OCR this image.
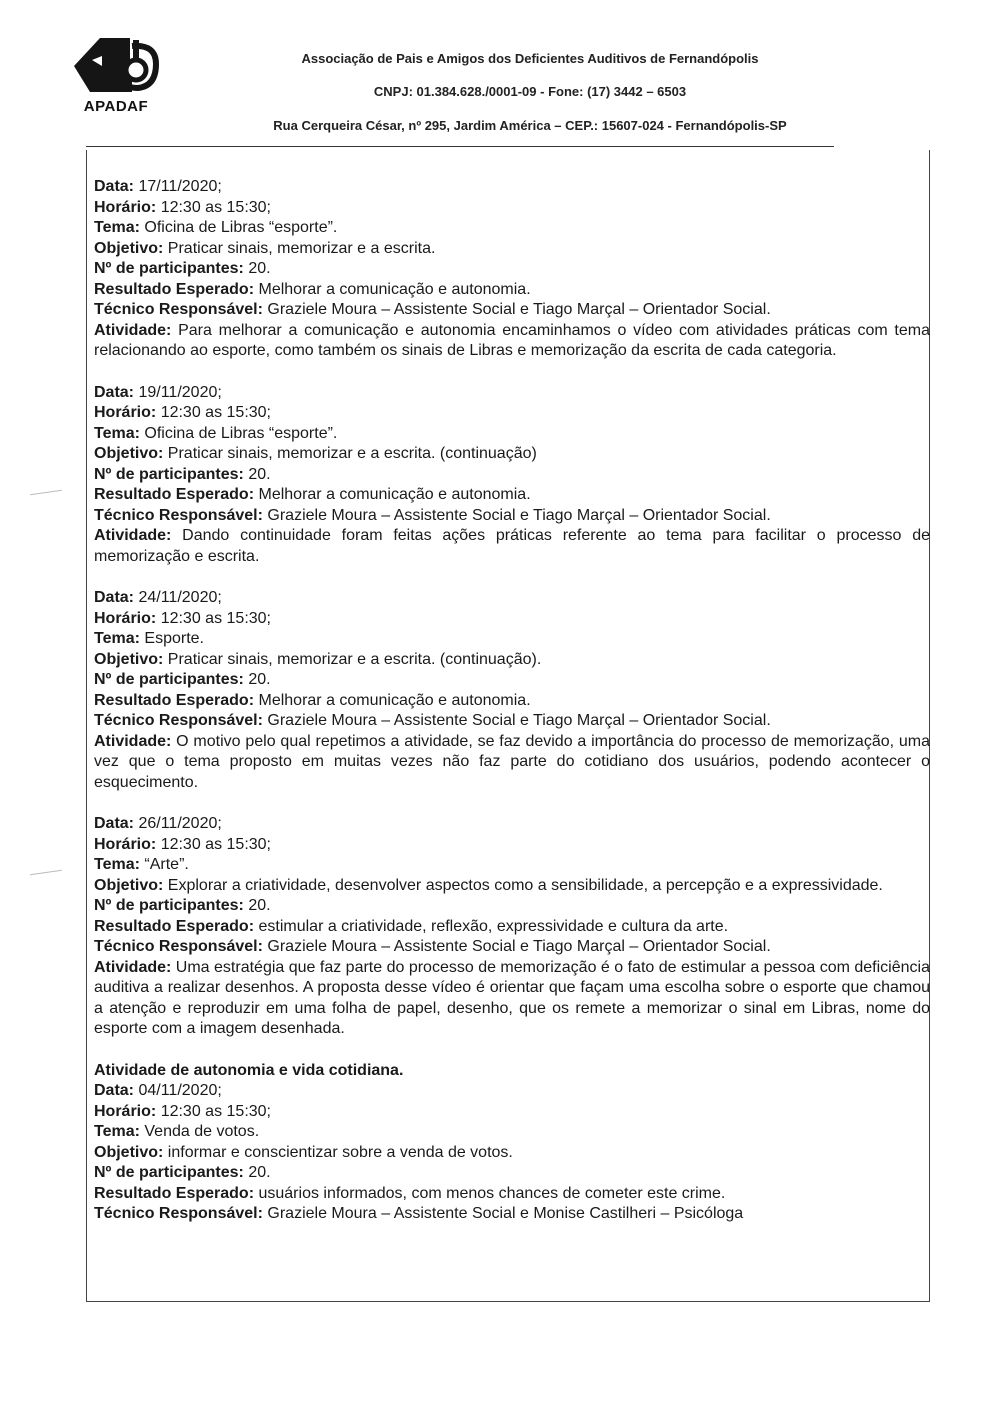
APADAF
Associação de Pais e Amigos dos Deficientes Auditivos de Fernandópolis
CNPJ: 01.384.628./0001-09 - Fone: (17) 3442 – 6503
Rua Cerqueira César, nº 295, Jardim América – CEP.: 15607-024 - Fernandópolis-SP
Data: 17/11/2020;
Horário: 12:30 as 15:30;
Tema: Oficina de Libras “esporte”.
Objetivo: Praticar sinais, memorizar e a escrita.
Nº de participantes: 20.
Resultado Esperado: Melhorar a comunicação e autonomia.
Técnico Responsável: Graziele Moura – Assistente Social e Tiago Marçal – Orientador Social.
Atividade: Para melhorar a comunicação e autonomia encaminhamos o vídeo com atividades práticas com tema relacionando ao esporte, como também os sinais de Libras e memorização da escrita de cada categoria.
Data: 19/11/2020;
Horário: 12:30 as 15:30;
Tema: Oficina de Libras “esporte”.
Objetivo: Praticar sinais, memorizar e a escrita. (continuação)
Nº de participantes: 20.
Resultado Esperado: Melhorar a comunicação e autonomia.
Técnico Responsável: Graziele Moura – Assistente Social e Tiago Marçal – Orientador Social.
Atividade: Dando continuidade foram feitas ações práticas referente ao tema para facilitar o processo de memorização e escrita.
Data: 24/11/2020;
Horário: 12:30 as 15:30;
Tema: Esporte.
Objetivo: Praticar sinais, memorizar e a escrita. (continuação).
Nº de participantes: 20.
Resultado Esperado: Melhorar a comunicação e autonomia.
Técnico Responsável: Graziele Moura – Assistente Social e Tiago Marçal – Orientador Social.
Atividade: O motivo pelo qual repetimos a atividade, se faz devido a importância do processo de memorização, uma vez que o tema proposto em muitas vezes não faz parte do cotidiano dos usuários, podendo acontecer o esquecimento.
Data: 26/11/2020;
Horário: 12:30 as 15:30;
Tema: “Arte”.
Objetivo: Explorar a criatividade, desenvolver aspectos como a sensibilidade, a percepção e a expressividade.
Nº de participantes: 20.
Resultado Esperado: estimular a criatividade, reflexão, expressividade e cultura da arte.
Técnico Responsável: Graziele Moura – Assistente Social e Tiago Marçal – Orientador Social.
Atividade: Uma estratégia que faz parte do processo de memorização é o fato de estimular a pessoa com deficiência auditiva a realizar desenhos. A proposta desse vídeo é orientar que façam uma escolha sobre o esporte que chamou a atenção e reproduzir em uma folha de papel, desenho, que os remete a memorizar o sinal em Libras, nome do esporte com a imagem desenhada.
Atividade de autonomia e vida cotidiana.
Data: 04/11/2020;
Horário: 12:30 as 15:30;
Tema: Venda de votos.
Objetivo: informar e conscientizar sobre a venda de votos.
Nº de participantes: 20.
Resultado Esperado: usuários informados, com menos chances de cometer este crime.
Técnico Responsável: Graziele Moura – Assistente Social e Monise Castilheri – Psicóloga
